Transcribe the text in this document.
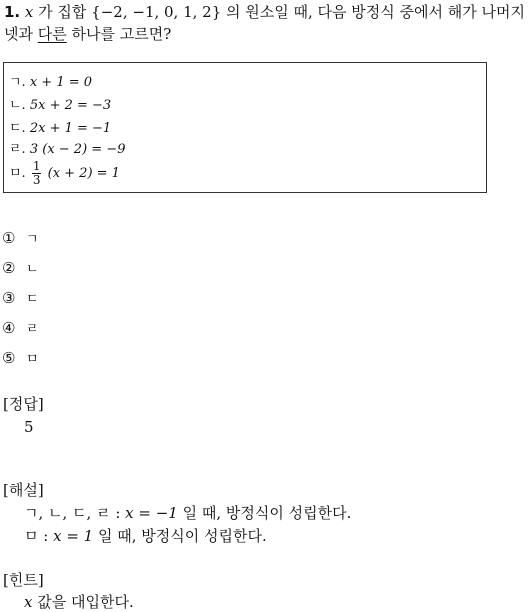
1. x 가 집합 {−2, −1, 0, 1, 2} 의 원소일 때, 다음 방정식 중에서 해가 나머지
넷과 다른 하나를 고르면?
ㄱ. x + 1 = 0
ㄴ. 5x + 2 = −3
ㄷ. 2x + 1 = −1
ㄹ. 3 (x − 2) = −9
ㅁ. $\frac{1}{3} (x + 2) = 1$
① ㄱ
② ㄴ
③ ㄷ
④ ㄹ
⑤ ㅁ
[정답]
5
[해설]
ㄱ, ㄴ, ㄷ, ㄹ : x = −1 일 때, 방정식이 성립한다.
ㅁ : x = 1 일 때, 방정식이 성립한다.
[힌트]
x 값을 대입한다.
